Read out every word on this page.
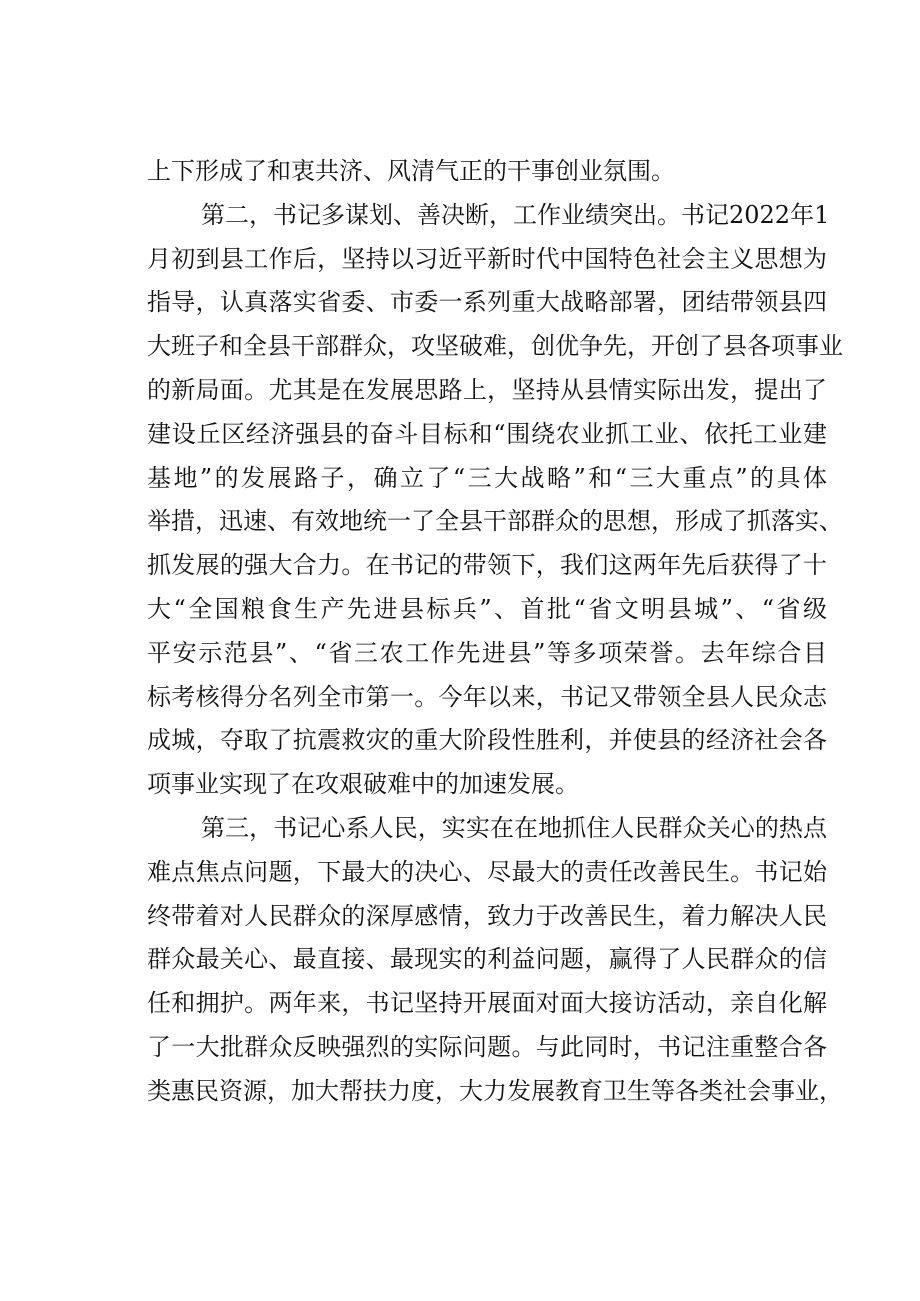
上下形成了和衷共济、风清气正的干事创业氛围。
第二，书记多谋划、善决断，工作业绩突出。书记2022年1
月初到县工作后，坚持以习近平新时代中国特色社会主义思想为
指导，认真落实省委、市委一系列重大战略部署，团结带领县四
大班子和全县干部群众，攻坚破难，创优争先，开创了县各项事业
的新局面。尤其是在发展思路上，坚持从县情实际出发，提出了
建设丘区经济强县的奋斗目标和“围绕农业抓工业、依托工业建
基地”的发展路子，确立了“三大战略”和“三大重点”的具体
举措，迅速、有效地统一了全县干部群众的思想，形成了抓落实、
抓发展的强大合力。在书记的带领下，我们这两年先后获得了十
大“全国粮食生产先进县标兵”、首批“省文明县城”、“省级
平安示范县”、“省三农工作先进县”等多项荣誉。去年综合目
标考核得分名列全市第一。今年以来，书记又带领全县人民众志
成城，夺取了抗震救灾的重大阶段性胜利，并使县的经济社会各
项事业实现了在攻艰破难中的加速发展。
第三，书记心系人民，实实在在地抓住人民群众关心的热点
难点焦点问题，下最大的决心、尽最大的责任改善民生。书记始
终带着对人民群众的深厚感情，致力于改善民生，着力解决人民
群众最关心、最直接、最现实的利益问题，赢得了人民群众的信
任和拥护。两年来，书记坚持开展面对面大接访活动，亲自化解
了一大批群众反映强烈的实际问题。与此同时，书记注重整合各
类惠民资源，加大帮扶力度，大力发展教育卫生等各类社会事业，
